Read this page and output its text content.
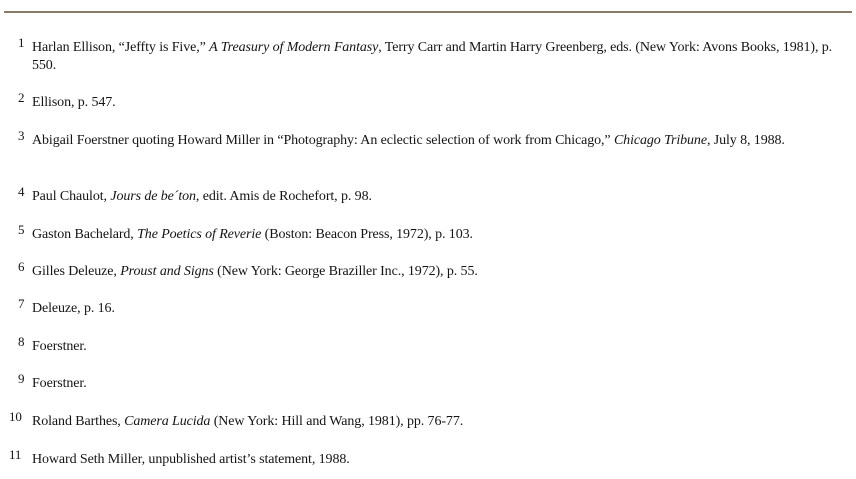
1 Harlan Ellison, “Jeffty is Five,” A Treasury of Modern Fantasy, Terry Carr and Martin Harry Greenberg, eds. (New York: Avons Books, 1981), p. 550.
2 Ellison, p. 547.
3 Abigail Foerstner quoting Howard Miller in “Photography: An eclectic selection of work from Chicago,” Chicago Tribune, July 8, 1988.
4 Paul Chaulot, Jours de be´ton, edit. Amis de Rochefort, p. 98.
5 Gaston Bachelard, The Poetics of Reverie (Boston: Beacon Press, 1972), p. 103.
6 Gilles Deleuze, Proust and Signs (New York: George Braziller Inc., 1972), p. 55.
7 Deleuze, p. 16.
8 Foerstner.
9 Foerstner.
10 Roland Barthes, Camera Lucida (New York: Hill and Wang, 1981), pp. 76-77.
11 Howard Seth Miller, unpublished artist’s statement, 1988.
